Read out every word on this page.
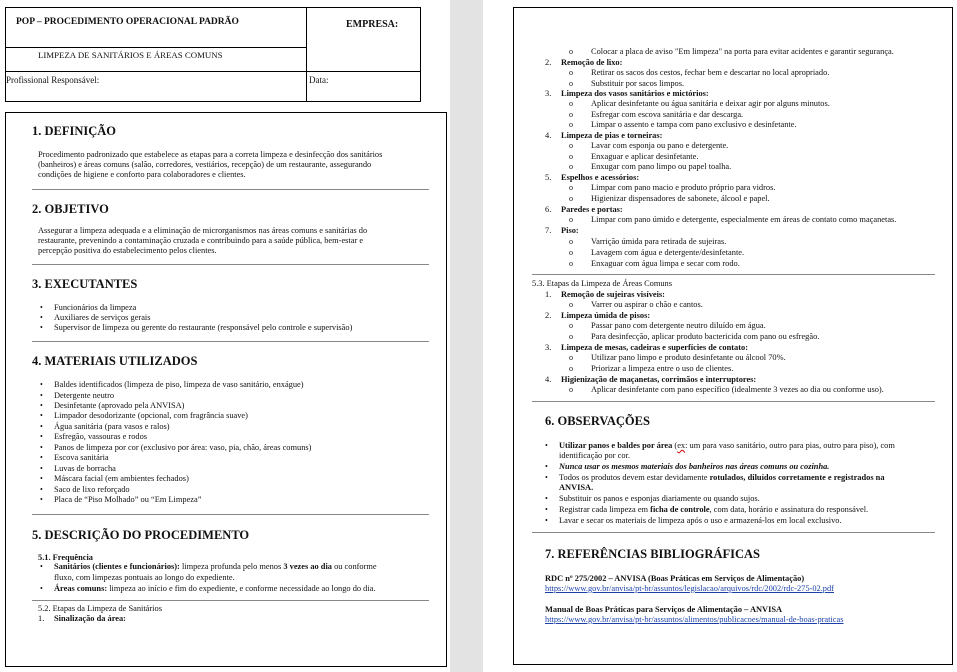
POP – PROCEDIMENTO OPERACIONAL PADRÃO	EMPRESA:
LIMPEZA DE SANITÁRIOS E ÁREAS COMUNS
Profissional Responsável:	Data:
1. DEFINIÇÃO
Procedimento padronizado que estabelece as etapas para a correta limpeza e desinfecção dos sanitários
(banheiros) e áreas comuns (salão, corredores, vestiários, recepção) de um restaurante, assegurando
condições de higiene e conforto para colaboradores e clientes.
2. OBJETIVO
Assegurar a limpeza adequada e a eliminação de microrganismos nas áreas comuns e sanitárias do
restaurante, prevenindo a contaminação cruzada e contribuindo para a saúde pública, bem-estar e
percepção positiva do estabelecimento pelos clientes.
3. EXECUTANTES
• Funcionários da limpeza
• Auxiliares de serviços gerais
• Supervisor de limpeza ou gerente do restaurante (responsável pelo controle e supervisão)
4. MATERIAIS UTILIZADOS
• Baldes identificados (limpeza de piso, limpeza de vaso sanitário, enxágue)
• Detergente neutro
• Desinfetante (aprovado pela ANVISA)
• Limpador desodorizante (opcional, com fragrância suave)
• Água sanitária (para vasos e ralos)
• Esfregão, vassouras e rodos
• Panos de limpeza por cor (exclusivo por área: vaso, pia, chão, áreas comuns)
• Escova sanitária
• Luvas de borracha
• Máscara facial (em ambientes fechados)
• Saco de lixo reforçado
• Placa de “Piso Molhado” ou “Em Limpeza”
5. DESCRIÇÃO DO PROCEDIMENTO
5.1. Frequência
• Sanitários (clientes e funcionários): limpeza profunda pelo menos 3 vezes ao dia ou conforme
fluxo, com limpezas pontuais ao longo do expediente.
• Áreas comuns: limpeza ao início e fim do expediente, e conforme necessidade ao longo do dia.
5.2. Etapas da Limpeza de Sanitários
1. Sinalização da área:
o Colocar a placa de aviso "Em limpeza" na porta para evitar acidentes e garantir segurança.
2. Remoção de lixo:
o Retirar os sacos dos cestos, fechar bem e descartar no local apropriado.
o Substituir por sacos limpos.
3. Limpeza dos vasos sanitários e mictórios:
o Aplicar desinfetante ou água sanitária e deixar agir por alguns minutos.
o Esfregar com escova sanitária e dar descarga.
o Limpar o assento e tampa com pano exclusivo e desinfetante.
4. Limpeza de pias e torneiras:
o Lavar com esponja ou pano e detergente.
o Enxaguar e aplicar desinfetante.
o Enxugar com pano limpo ou papel toalha.
5. Espelhos e acessórios:
o Limpar com pano macio e produto próprio para vidros.
o Higienizar dispensadores de sabonete, álcool e papel.
6. Paredes e portas:
o Limpar com pano úmido e detergente, especialmente em áreas de contato como maçanetas.
7. Piso:
o Varrição úmida para retirada de sujeiras.
o Lavagem com água e detergente/desinfetante.
o Enxaguar com água limpa e secar com rodo.
5.3. Etapas da Limpeza de Áreas Comuns
1. Remoção de sujeiras visíveis:
o Varrer ou aspirar o chão e cantos.
2. Limpeza úmida de pisos:
o Passar pano com detergente neutro diluído em água.
o Para desinfecção, aplicar produto bactericida com pano ou esfregão.
3. Limpeza de mesas, cadeiras e superfícies de contato:
o Utilizar pano limpo e produto desinfetante ou álcool 70%.
o Priorizar a limpeza entre o uso de clientes.
4. Higienização de maçanetas, corrimãos e interruptores:
o Aplicar desinfetante com pano específico (idealmente 3 vezes ao dia ou conforme uso).
6. OBSERVAÇÕES
• Utilizar panos e baldes por área (ex: um para vaso sanitário, outro para pias, outro para piso), com
identificação por cor.
• Nunca usar os mesmos materiais dos banheiros nas áreas comuns ou cozinha.
• Todos os produtos devem estar devidamente rotulados, diluídos corretamente e registrados na
ANVISA.
• Substituir os panos e esponjas diariamente ou quando sujos.
• Registrar cada limpeza em ficha de controle, com data, horário e assinatura do responsável.
• Lavar e secar os materiais de limpeza após o uso e armazená-los em local exclusivo.
7. REFERÊNCIAS BIBLIOGRÁFICAS
RDC nº 275/2002 – ANVISA (Boas Práticas em Serviços de Alimentação)
https://www.gov.br/anvisa/pt-br/assuntos/legislacao/arquivos/rdc/2002/rdc-275-02.pdf
Manual de Boas Práticas para Serviços de Alimentação – ANVISA
https://www.gov.br/anvisa/pt-br/assuntos/alimentos/publicacoes/manual-de-boas-praticas
